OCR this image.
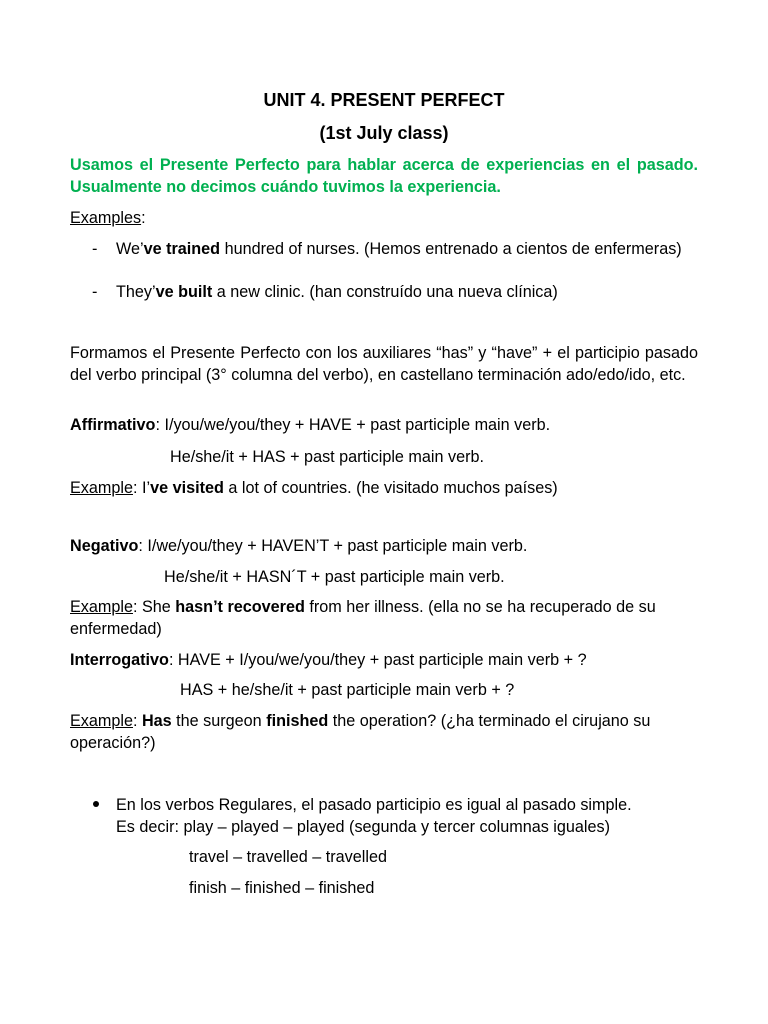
UNIT 4. PRESENT PERFECT
(1st July class)
Usamos el Presente Perfecto para hablar acerca de experiencias en el pasado. Usualmente no decimos cuándo tuvimos la experiencia.
Examples:
- We’ve trained hundred of nurses. (Hemos entrenado a cientos de enfermeras)
- They’ve built a new clinic. (han construído una nueva clínica)
Formamos el Presente Perfecto con los auxiliares “has” y “have” + el participio pasado del verbo principal (3° columna del verbo), en castellano terminación ado/edo/ido, etc.
Affirmativo: I/you/we/you/they + HAVE + past participle main verb.
He/she/it + HAS + past participle main verb.
Example: I’ve visited a lot of countries. (he visitado muchos países)
Negativo: I/we/you/they + HAVEN’T + past participle main verb.
He/she/it + HASN´T + past participle main verb.
Example: She hasn’t recovered from her illness. (ella no se ha recuperado de su enfermedad)
Interrogativo: HAVE + I/you/we/you/they + past participle main verb + ?
HAS + he/she/it + past participle main verb + ?
Example: Has the surgeon finished the operation? (¿ha terminado el cirujano su operación?)
En los verbos Regulares, el pasado participio es igual al pasado simple.
Es decir: play – played – played (segunda y tercer columnas iguales)
travel – travelled – travelled
finish – finished – finished
